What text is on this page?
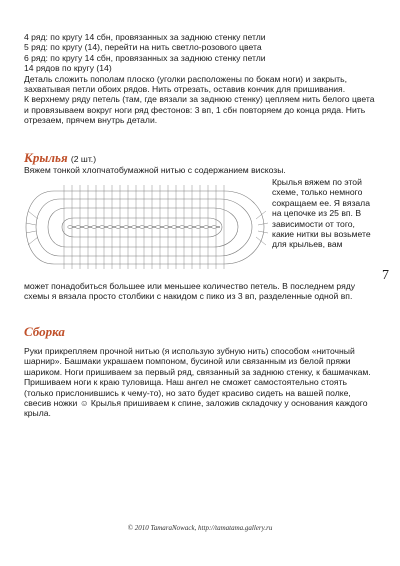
4 ряд: по кругу 14 сбн, провязанных за заднюю стенку петли

5 ряд: по кругу (14), перейти на нить светло-розового цвета

6 ряд: по кругу 14 сбн, провязанных за заднюю стенку петли

14 рядов по кругу (14)

Деталь сложить пополам плоско (уголки расположены по бокам ноги) и закрыть, захватывая петли обоих рядов. Нить отрезать, оставив кончик для пришивания.

К верхнему ряду петель (там, где вязали за заднюю стенку) цепляем нить белого цвета и провязываем вокруг ноги ряд фестонов: 3 вп, 1 сбн повторяем до конца ряда. Нить отрезаем, прячем внутрь детали.

Крылья (2 шт.)

Вяжем тонкой хлопчатобумажной нитью с содержанием вискозы.

Крылья вяжем по этой схеме, только немного сокращаем ее. Я вязала на цепочке из 25 вп. В зависимости от того, какие нитки вы возьмете для крыльев, вам

7

может понадобиться большее или меньшее количество петель. В последнем ряду схемы я вязала просто столбики с накидом с пико из 3 вп, разделенные одной вп.

Сборка

Руки прикрепляем прочной нитью (я использую зубную нить) способом «ниточный шарнир». Башмаки украшаем помпоном, бусиной или связанным из белой пряжи шариком. Ноги пришиваем за первый ряд, связанный за заднюю стенку, к башмачкам. Пришиваем ноги к краю туловища. Наш ангел не сможет самостоятельно стоять (только прислонившись к чему-то), но зато будет красиво сидеть на вашей полке, свесив ножки ☺ Крылья пришиваем к спине, заложив складочку у основания каждого крыла.

© 2010 TamaraNowack, http://tamatama.gallery.ru
